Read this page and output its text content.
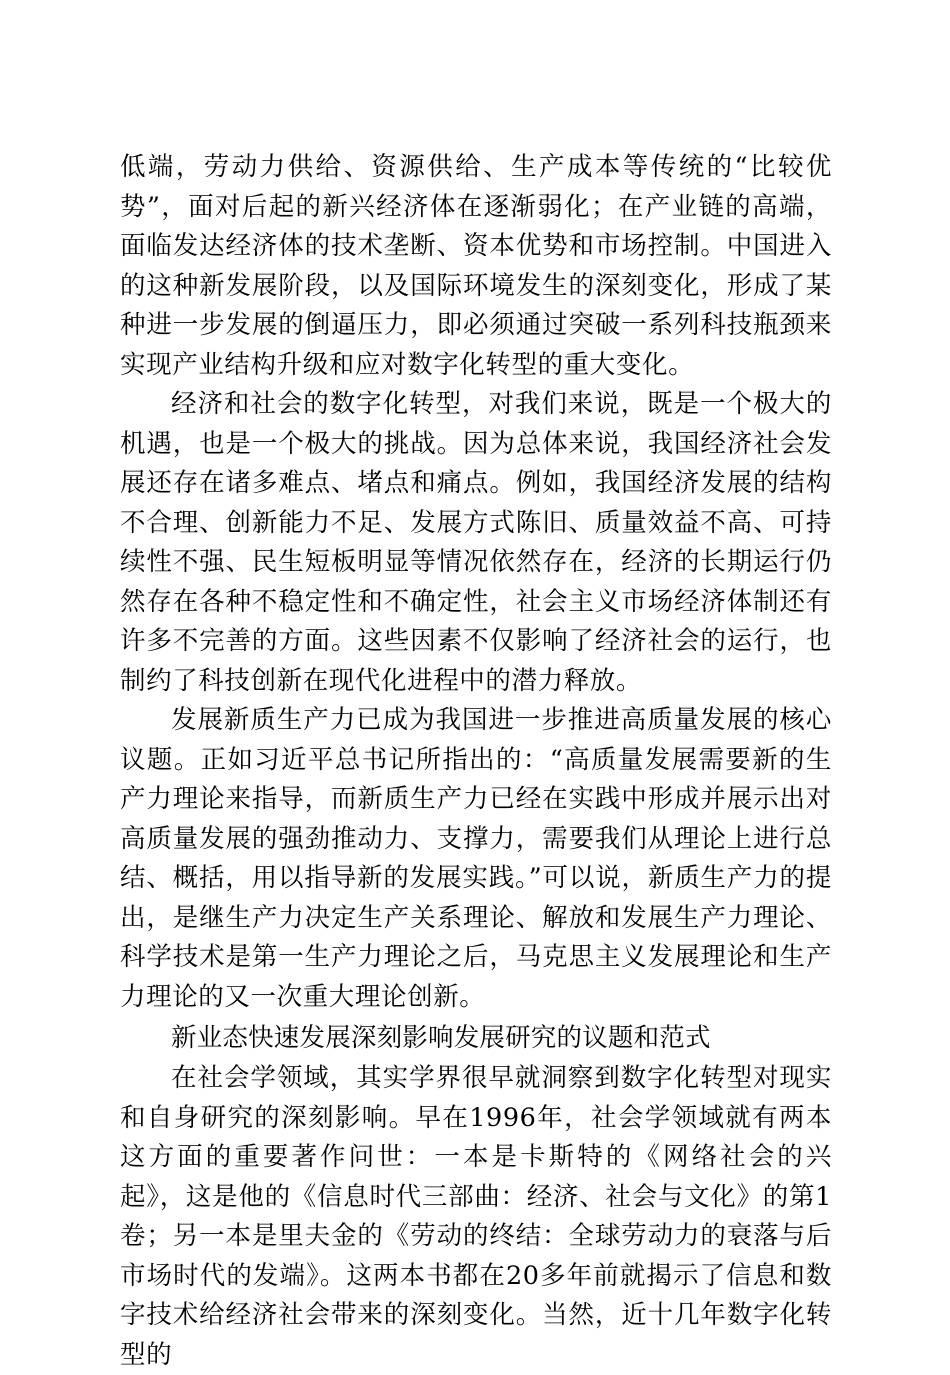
低端，劳动力供给、资源供给、生产成本等传统的“比较优势”，面对后起的新兴经济体在逐渐弱化；在产业链的高端，面临发达经济体的技术垄断、资本优势和市场控制。中国进入的这种新发展阶段，以及国际环境发生的深刻变化，形成了某种进一步发展的倒逼压力，即必须通过突破一系列科技瓶颈来实现产业结构升级和应对数字化转型的重大变化。

经济和社会的数字化转型，对我们来说，既是一个极大的机遇，也是一个极大的挑战。因为总体来说，我国经济社会发展还存在诸多难点、堵点和痛点。例如，我国经济发展的结构不合理、创新能力不足、发展方式陈旧、质量效益不高、可持续性不强、民生短板明显等情况依然存在，经济的长期运行仍然存在各种不稳定性和不确定性，社会主义市场经济体制还有许多不完善的方面。这些因素不仅影响了经济社会的运行，也制约了科技创新在现代化进程中的潜力释放。

发展新质生产力已成为我国进一步推进高质量发展的核心议题。正如习近平总书记所指出的：“高质量发展需要新的生产力理论来指导，而新质生产力已经在实践中形成并展示出对高质量发展的强劲推动力、支撑力，需要我们从理论上进行总结、概括，用以指导新的发展实践。”可以说，新质生产力的提出，是继生产力决定生产关系理论、解放和发展生产力理论、科学技术是第一生产力理论之后，马克思主义发展理论和生产力理论的又一次重大理论创新。

新业态快速发展深刻影响发展研究的议题和范式

在社会学领域，其实学界很早就洞察到数字化转型对现实和自身研究的深刻影响。早在1996年，社会学领域就有两本这方面的重要著作问世：一本是卡斯特的《网络社会的兴起》，这是他的《信息时代三部曲：经济、社会与文化》的第1卷；另一本是里夫金的《劳动的终结：全球劳动力的衰落与后市场时代的发端》。这两本书都在20多年前就揭示了信息和数字技术给经济社会带来的深刻变化。当然，近十几年数字化转型的
